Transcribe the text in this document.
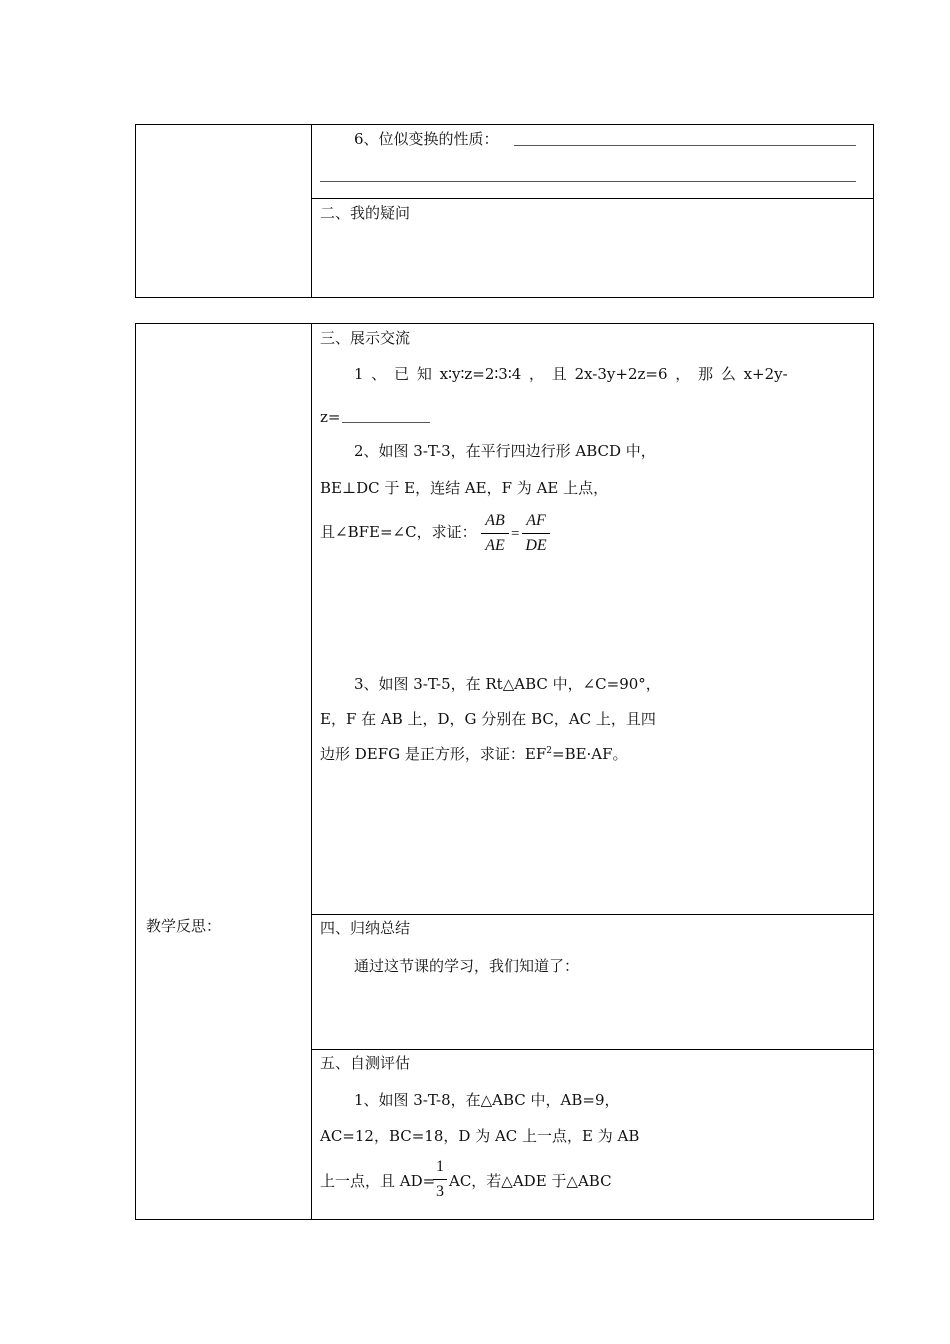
6、位似变换的性质：
二、我的疑问
教学反思：
三、展示交流
1 、 已 知 x∶y∶z=2∶3∶4 ， 且 2x-3y+2z=6 ， 那 么 x+2y-
z=
2、如图 3-T-3，在平行四边行形 ABCD 中，
BE⊥DC 于 E，连结 AE，F 为 AE 上点，
且∠BFE=∠C，求证：
AB
AE
=
AF
DE
3、如图 3-T-5，在 Rt△ABC 中，∠C=90°，
E，F 在 AB 上，D，G 分别在 BC，AC 上，且四
边形 DEFG 是正方形，求证：$EF^2=BE\cdot AF$。
四、归纳总结
通过这节课的学习，我们知道了：
五、自测评估
1、如图 3-T-8，在△ABC 中，AB=9，
AC=12，BC=18，D 为 AC 上一点，E 为 AB
上一点，且 AD=
1
3
AC，若△ADE 于△ABC
